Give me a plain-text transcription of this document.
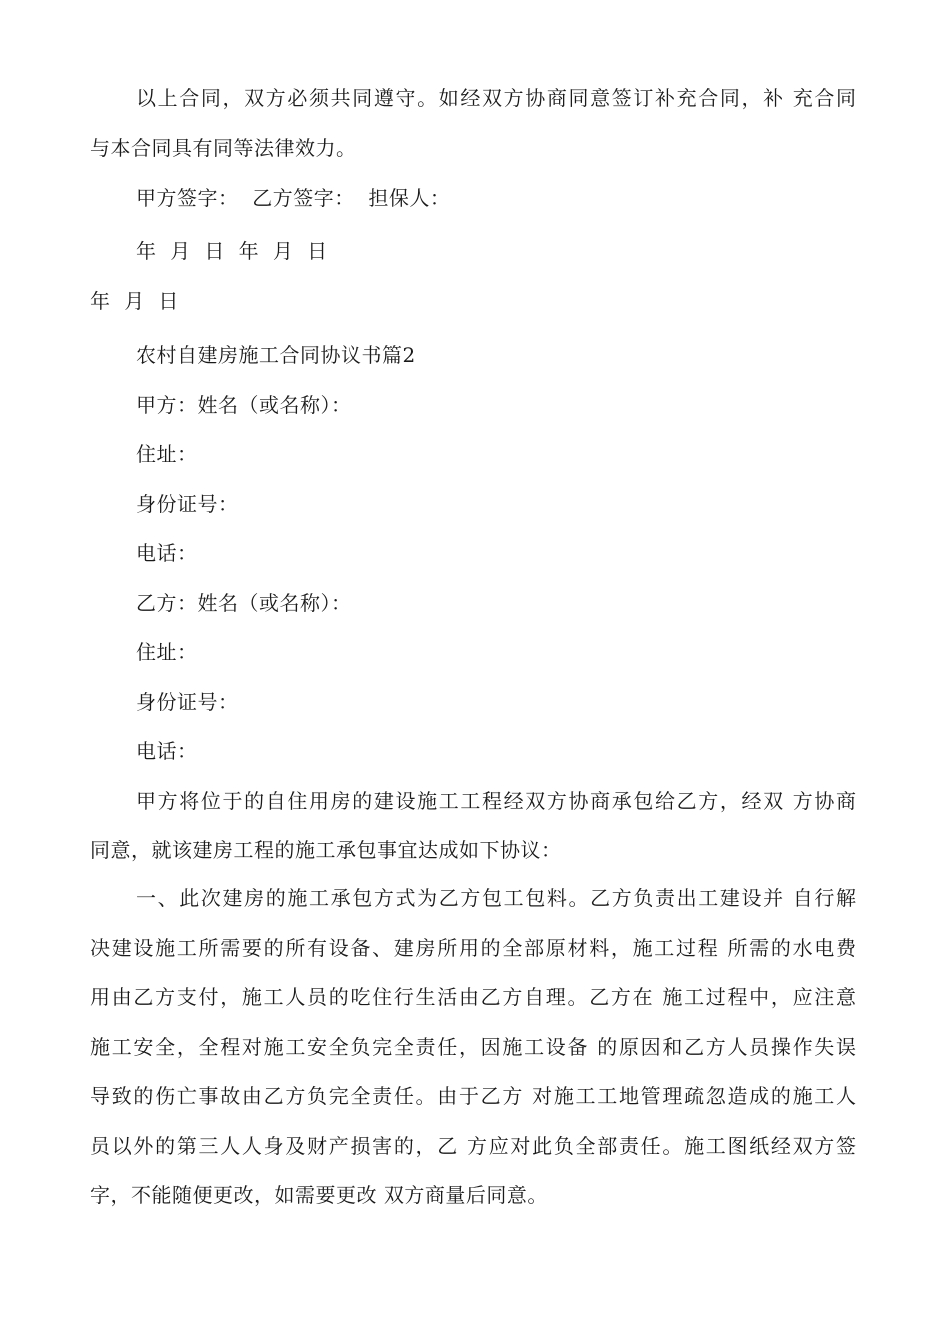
以上合同，双方必须共同遵守。如经双方协商同意签订补充合同，补 充合同
与本合同具有同等法律效力。
甲方签字：  乙方签字：  担保人：
年  月  日  年  月  日
年  月  日
农村自建房施工合同协议书篇2
甲方：姓名（或名称）：
住址：
身份证号：
电话：
乙方：姓名（或名称）：
住址：
身份证号：
电话：
甲方将位于的自住用房的建设施工工程经双方协商承包给乙方，经双 方协商
同意，就该建房工程的施工承包事宜达成如下协议：
一、此次建房的施工承包方式为乙方包工包料。乙方负责出工建设并 自行解
决建设施工所需要的所有设备、建房所用的全部原材料，施工过程 所需的水电费
用由乙方支付，施工人员的吃住行生活由乙方自理。乙方在 施工过程中，应注意
施工安全，全程对施工安全负完全责任，因施工设备 的原因和乙方人员操作失误
导致的伤亡事故由乙方负完全责任。由于乙方 对施工工地管理疏忽造成的施工人
员以外的第三人人身及财产损害的，乙 方应对此负全部责任。施工图纸经双方签
字，不能随便更改，如需要更改 双方商量后同意。
